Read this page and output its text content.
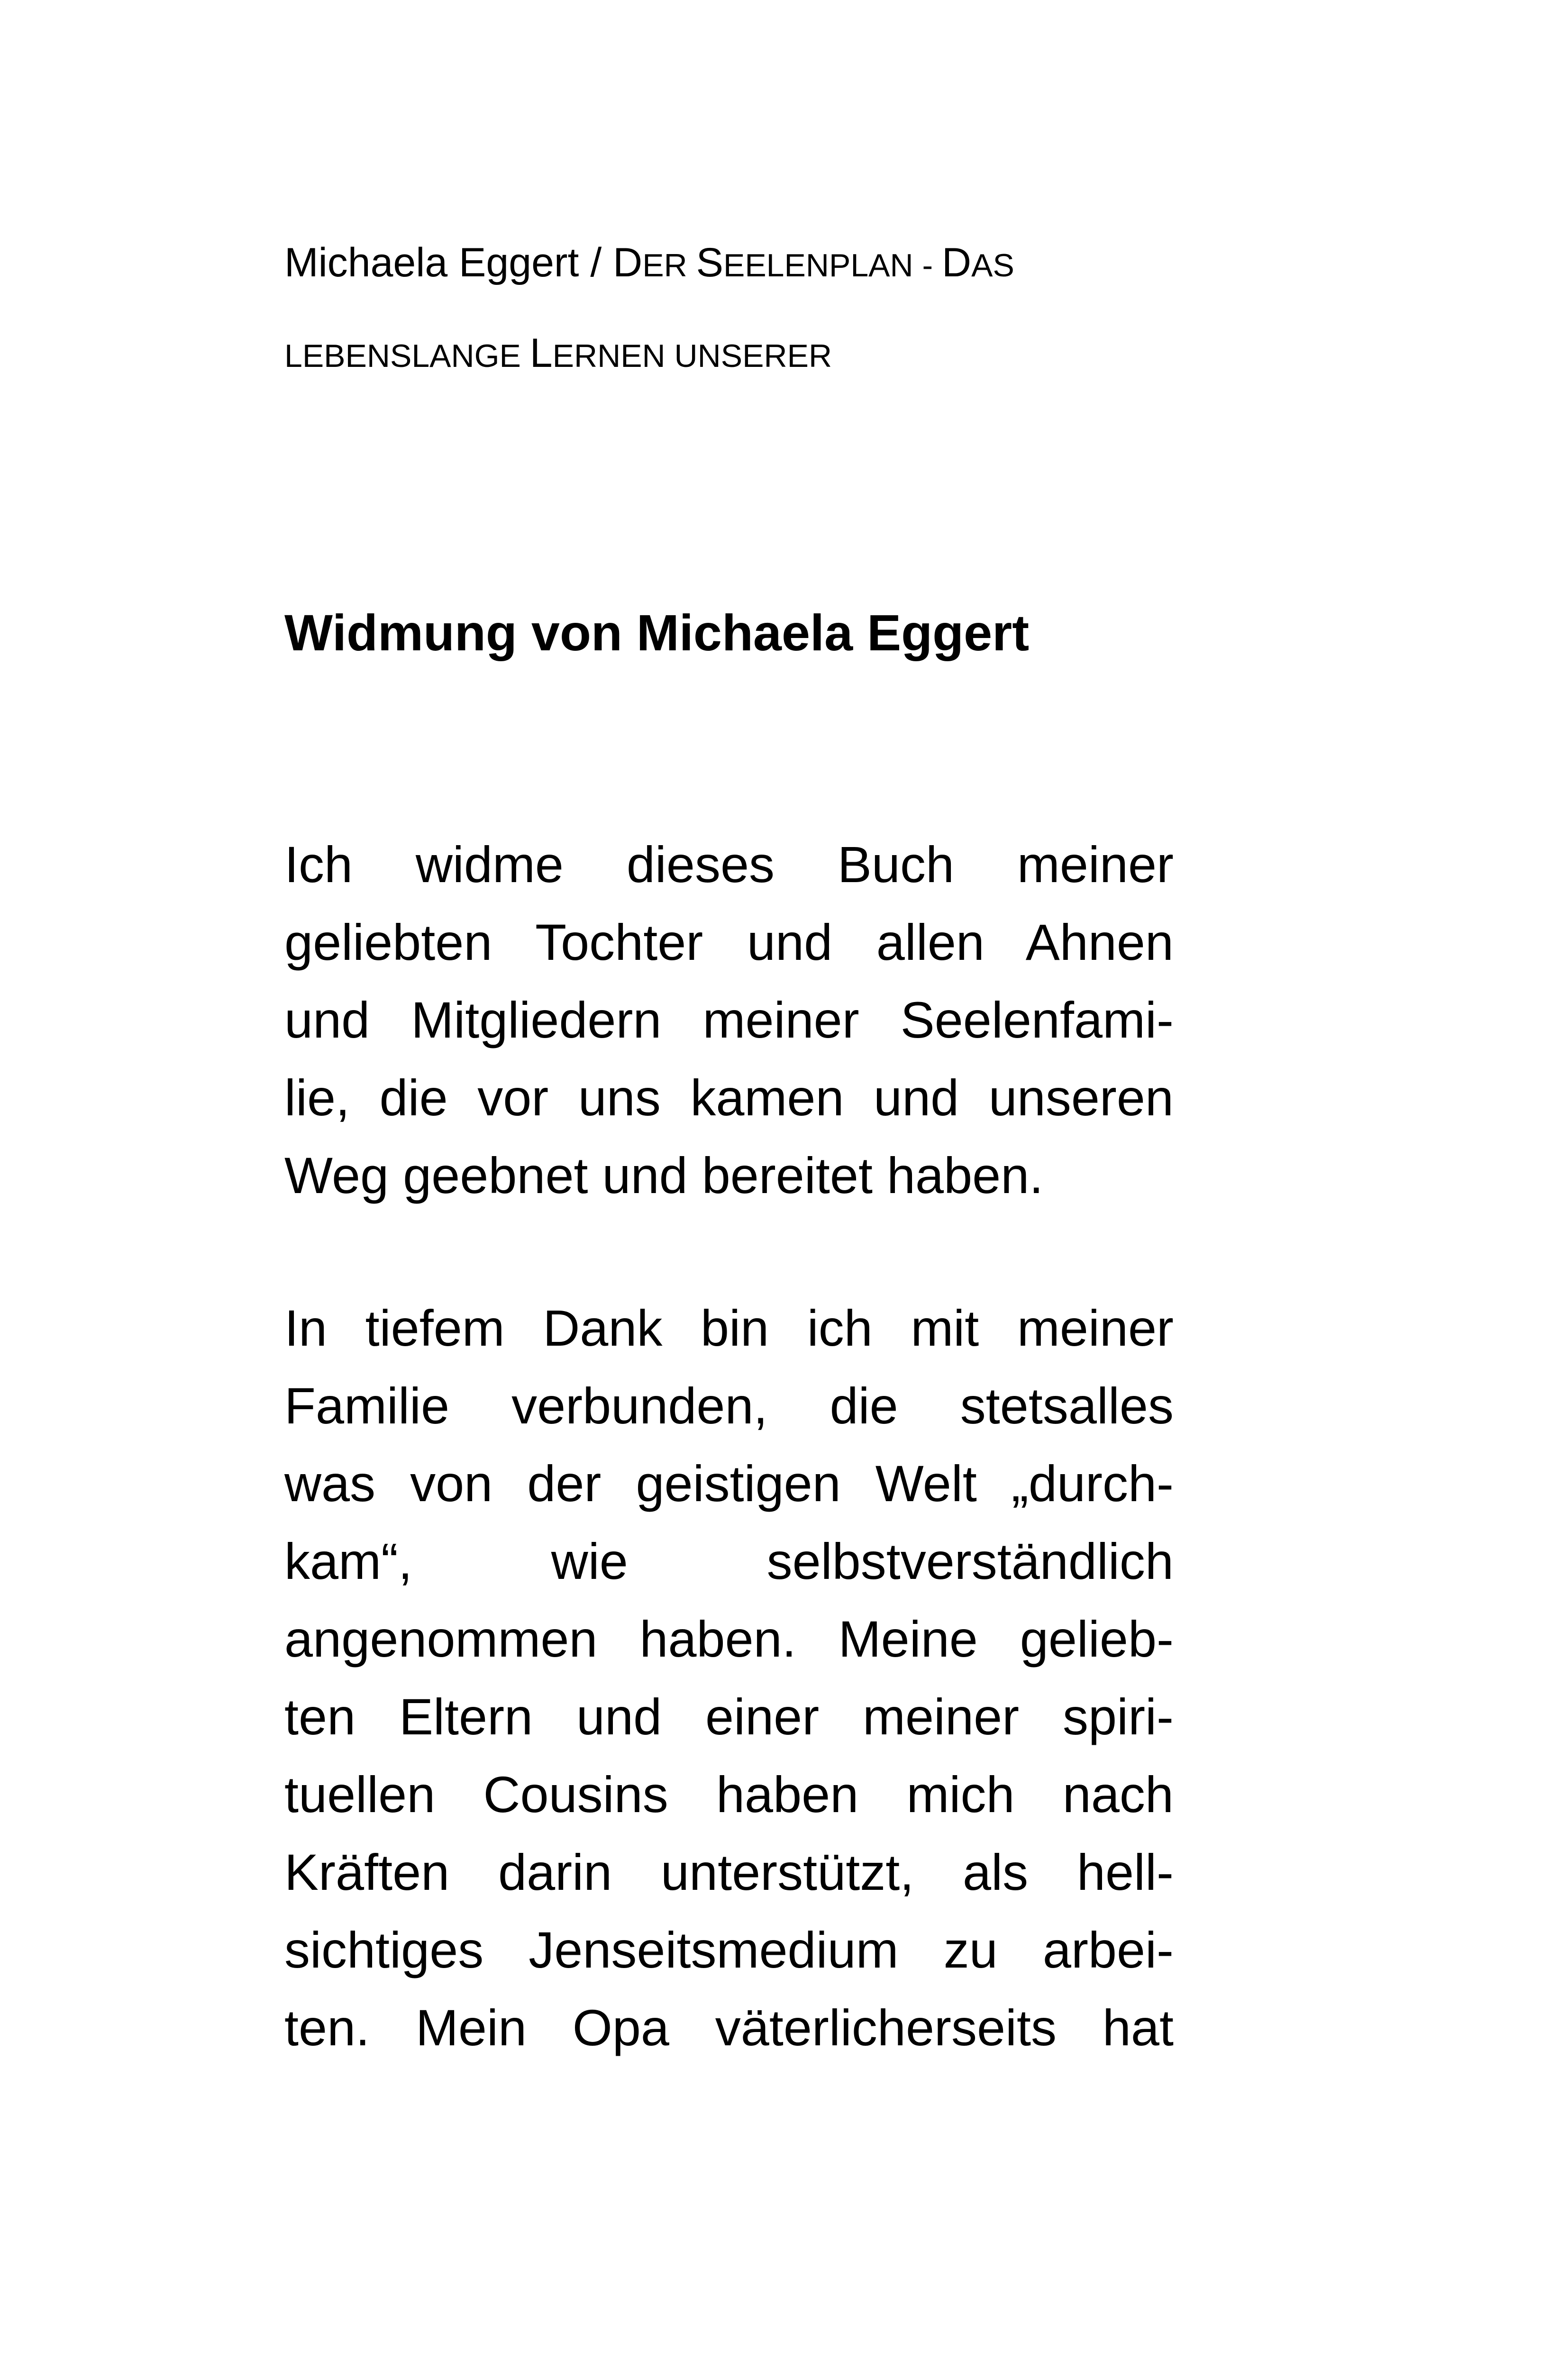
Michaela Eggert / DER SEELENPLAN - DAS
LEBENSLANGE LERNEN UNSERER
Widmung von Michaela Eggert

Ich widme dieses Buch meiner
geliebten Tochter und allen Ahnen
und Mitgliedern meiner Seelenfami-
lie, die vor uns kamen und unseren
Weg geebnet und bereitet haben.

In tiefem Dank bin ich mit meiner
Familie verbunden, die stetsalles
was von der geistigen Welt „durch-
kam“, wie selbstverständlich
angenommen haben. Meine gelieb-
ten Eltern und einer meiner spiri-
tuellen Cousins haben mich nach
Kräften darin unterstützt, als hell-
sichtiges Jenseitsmedium zu arbei-
ten. Mein Opa väterlicherseits hat
